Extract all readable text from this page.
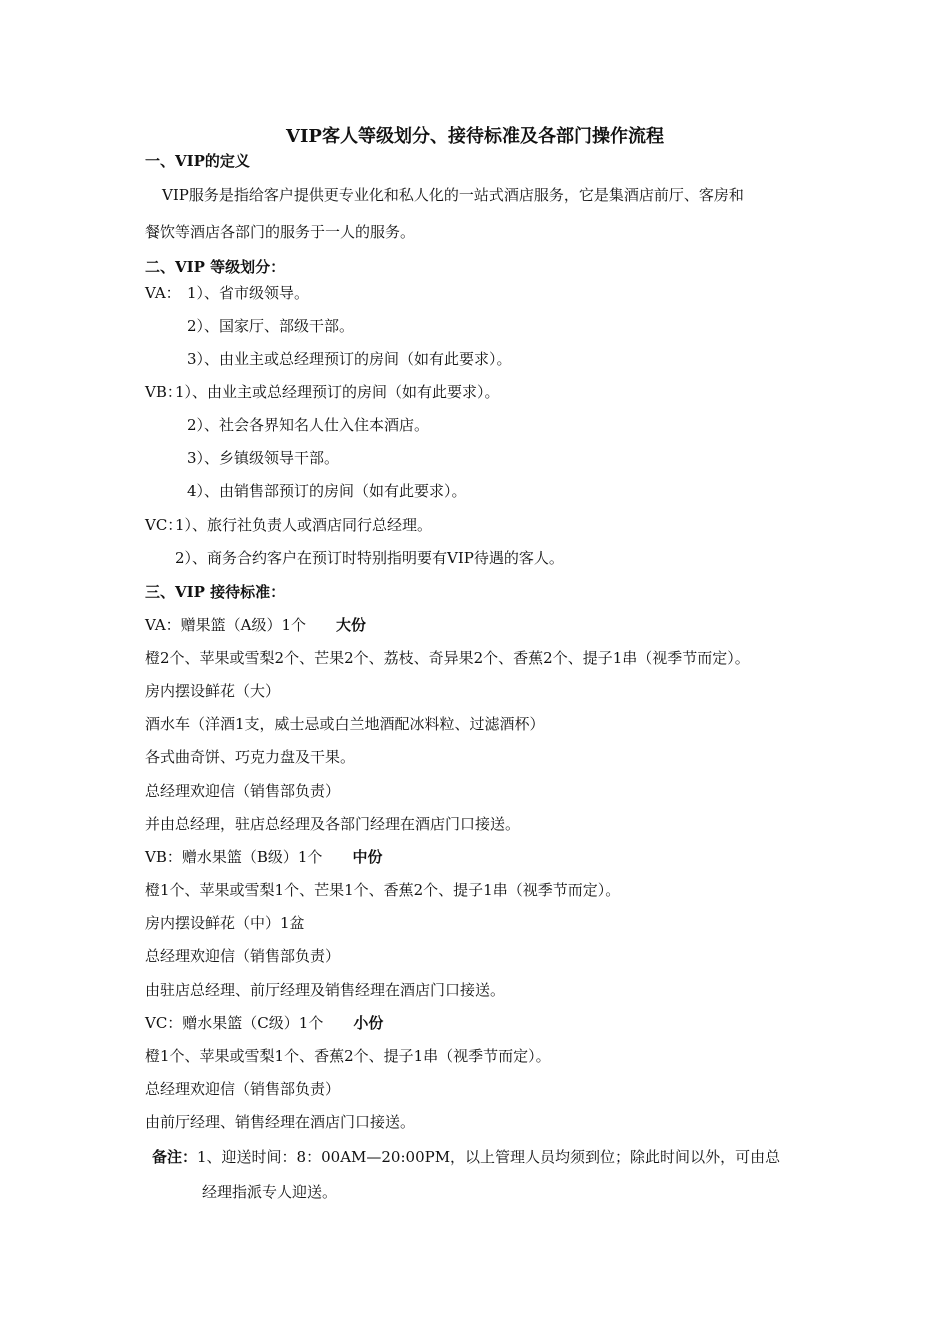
VIP客人等级划分、接待标准及各部门操作流程
一、VIP的定义
VIP服务是指给客户提供更专业化和私人化的一站式酒店服务，它是集酒店前厅、客房和
餐饮等酒店各部门的服务于一人的服务。
二、VIP 等级划分：
VA： 1）、省市级领导。
2）、国家厅、部级干部。
3）、由业主或总经理预订的房间（如有此要求）。
VB：
1）、由业主或总经理预订的房间（如有此要求）。
2）、社会各界知名人仕入住本酒店。
3）、乡镇级领导干部。
4）、由销售部预订的房间（如有此要求）。
VC：
1）、旅行社负责人或酒店同行总经理。
2）、商务合约客户在预订时特别指明要有VIP待遇的客人。
三、VIP 接待标准：
VA：赠果篮（A级）1个 大份
橙2个、苹果或雪梨2个、芒果2个、荔枝、奇异果2个、香蕉2个、提子1串（视季节而定）。
房内摆设鲜花（大）
酒水车（洋酒1支，威士忌或白兰地酒配冰料粒、过滤酒杯）
各式曲奇饼、巧克力盘及干果。
总经理欢迎信（销售部负责）
并由总经理，驻店总经理及各部门经理在酒店门口接送。
VB：赠水果篮（B级）1个 中份
橙1个、苹果或雪梨1个、芒果1个、香蕉2个、提子1串（视季节而定）。
房内摆设鲜花（中）1盆
总经理欢迎信（销售部负责）
由驻店总经理、前厅经理及销售经理在酒店门口接送。
VC：赠水果篮（C级）1个 小份
橙1个、苹果或雪梨1个、香蕉2个、提子1串（视季节而定）。
总经理欢迎信（销售部负责）
由前厅经理、销售经理在酒店门口接送。
备注：1、迎送时间：8：00AM—20:00PM，以上管理人员均须到位；除此时间以外，可由总
经理指派专人迎送。
